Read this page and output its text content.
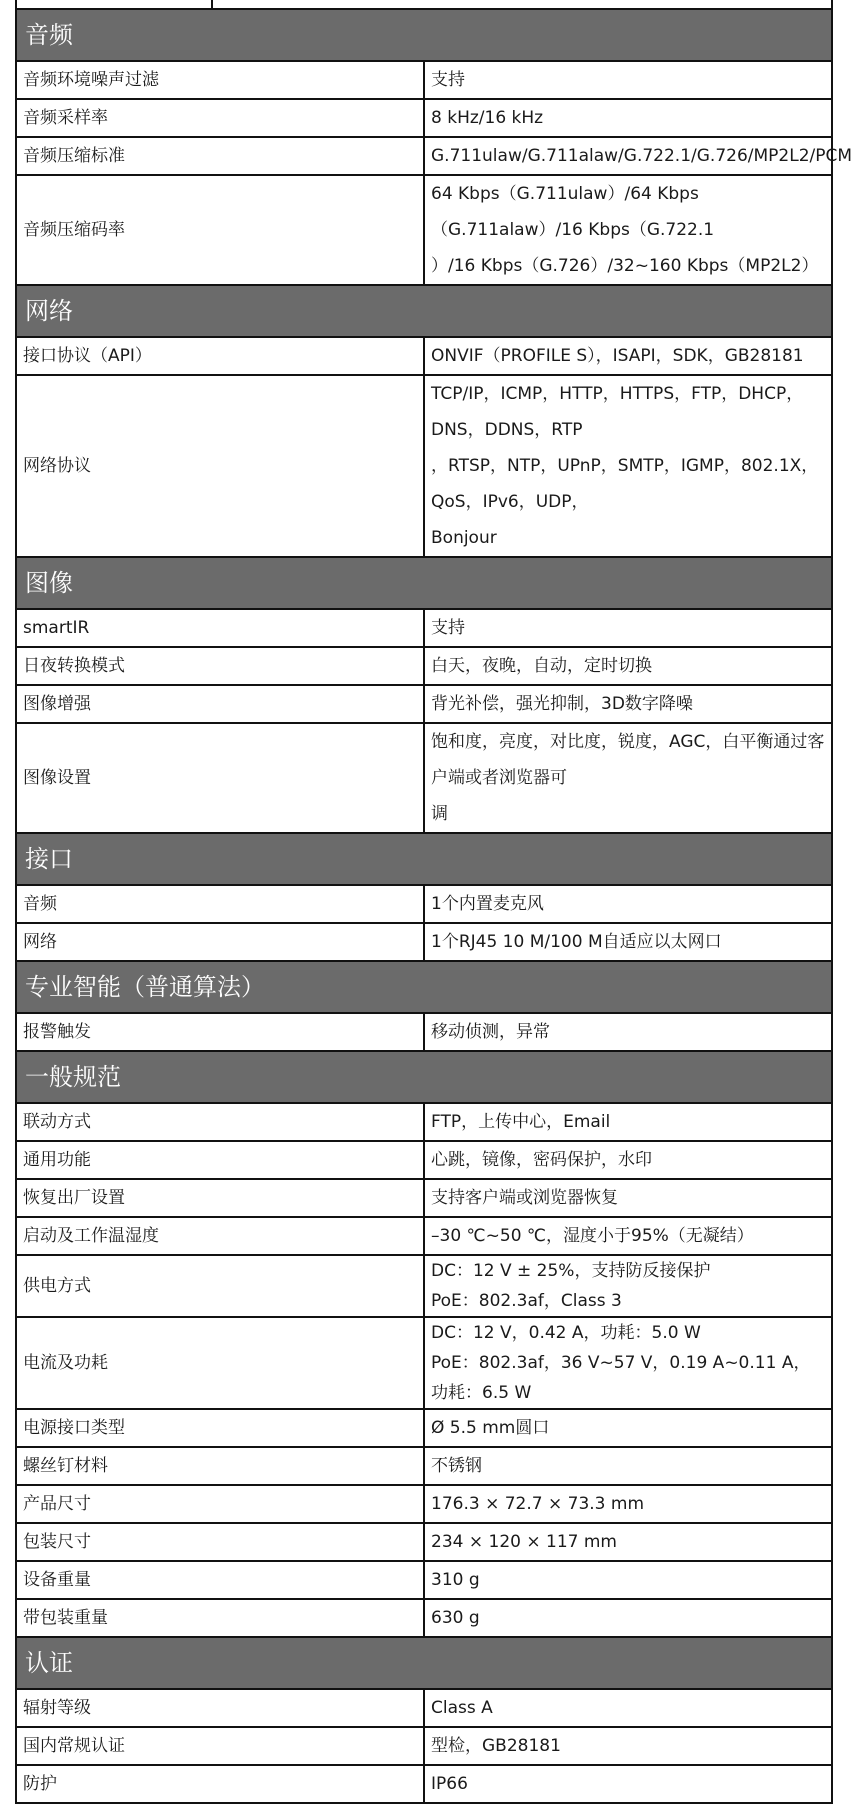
音频	
音频环境噪声过滤	支持

音频采样率	8 kHz/16 kHz

音频压缩标准	G.711ulaw/G.711alaw/G.722.1/G.726/MP2L2/PCM

音频压缩码率	64 Kbps（G.711ulaw）/64 Kbps（G.711alaw）/16 Kbps（G.722.1
）/16 Kbps（G.726）/32~160 Kbps（MP2L2）

网络	
接口协议（API）	ONVIF（PROFILE S），ISAPI，SDK，GB28181

网络协议	TCP/IP，ICMP，HTTP，HTTPS，FTP，DHCP，DNS，DDNS，RTP
，RTSP，NTP，UPnP，SMTP，IGMP，802.1X，QoS，IPv6，UDP，
Bonjour

图像	
smartIR	支持

日夜转换模式	白天，夜晚，自动，定时切换

图像增强	背光补偿，强光抑制，3D数字降噪

图像设置	饱和度，亮度，对比度，锐度，AGC，白平衡通过客户端或者浏览器可
调

接口	
音频	1个内置麦克风

网络	1个RJ45 10 M/100 M自适应以太网口

专业智能（普通算法）	
报警触发	移动侦测，异常

一般规范	
联动方式	FTP，上传中心，Email

通用功能	心跳，镜像，密码保护，水印

恢复出厂设置	支持客户端或浏览器恢复

启动及工作温湿度	–30 ℃~50 ℃，湿度小于95%（无凝结）

供电方式	DC：12 V ± 25%，支持防反接保护
PoE：802.3af，Class 3

电流及功耗	DC：12 V，0.42 A，功耗：5.0 W
PoE：802.3af，36 V~57 V，0.19 A~0.11 A，功耗：6.5 W

电源接口类型	Ø 5.5 mm圆口

螺丝钉材料	不锈钢

产品尺寸	176.3 × 72.7 × 73.3 mm

包装尺寸	234 × 120 × 117 mm

设备重量	310 g

带包装重量	630 g

认证	
辐射等级	Class A

国内常规认证	型检，GB28181

防护	IP66
